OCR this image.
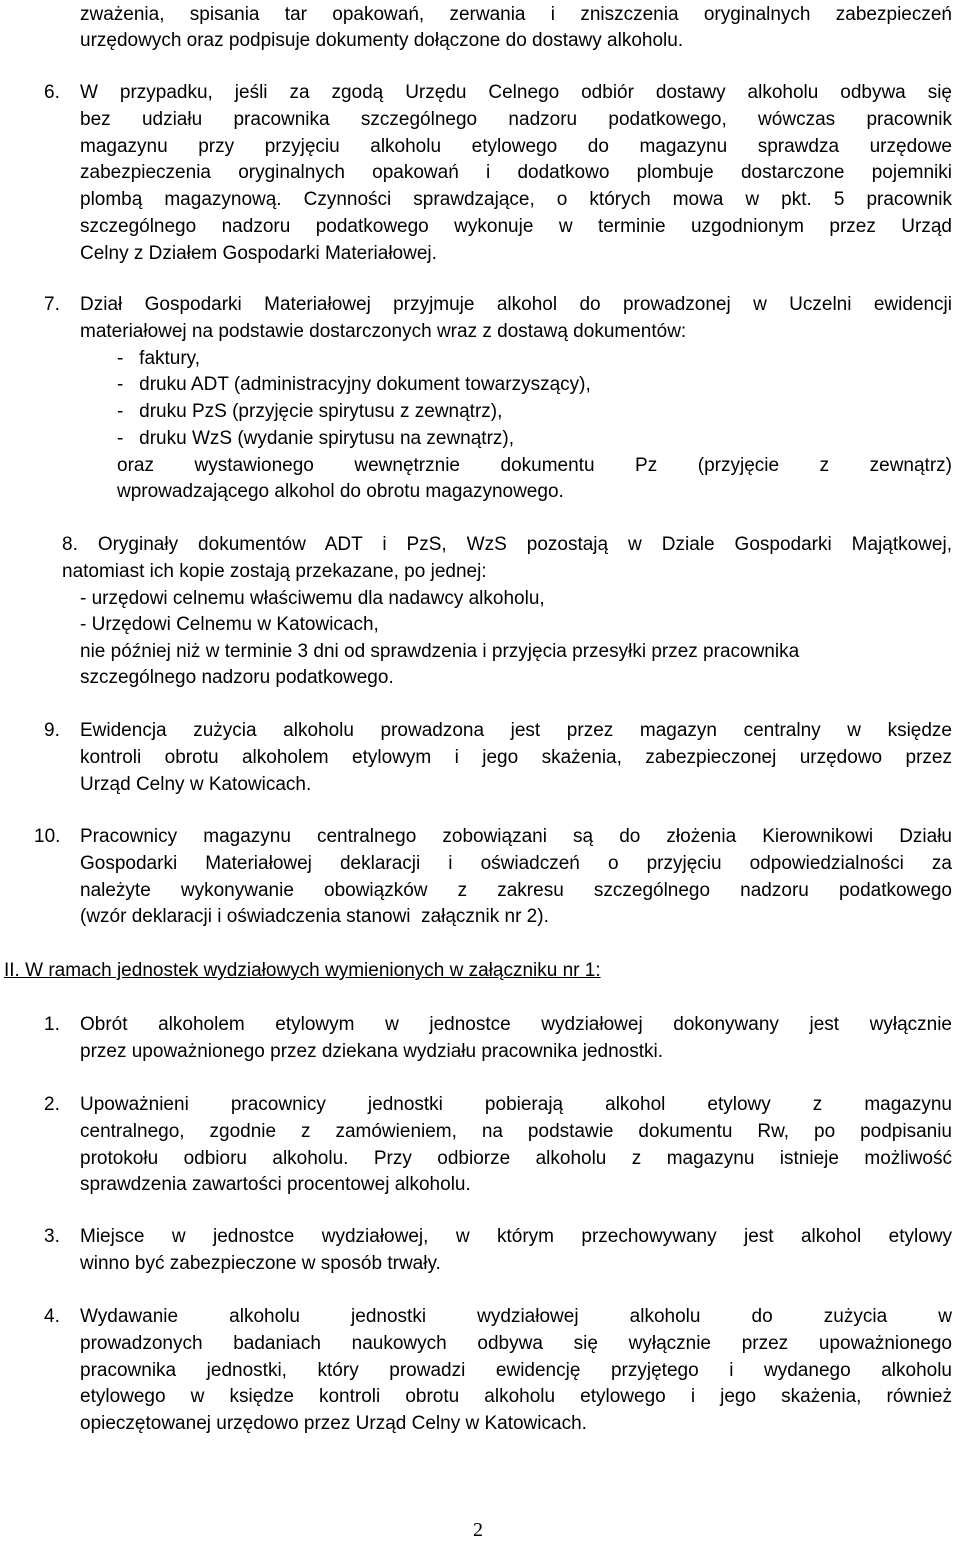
zważenia, spisania tar opakowań, zerwania i zniszczenia oryginalnych zabezpieczeń
urzędowych oraz podpisuje dokumenty dołączone do dostawy alkoholu.
6. W przypadku, jeśli za zgodą Urzędu Celnego odbiór dostawy alkoholu odbywa się
bez udziału pracownika szczególnego nadzoru podatkowego, wówczas pracownik
magazynu przy przyjęciu alkoholu etylowego do magazynu sprawdza urzędowe
zabezpieczenia oryginalnych opakowań i dodatkowo plombuje dostarczone pojemniki
plombą magazynową. Czynności sprawdzające, o których mowa w pkt. 5 pracownik
szczególnego nadzoru podatkowego wykonuje w terminie uzgodnionym przez Urząd
Celny z Działem Gospodarki Materiałowej.
7. Dział Gospodarki Materiałowej przyjmuje alkohol do prowadzonej w Uczelni ewidencji
materiałowej na podstawie dostarczonych wraz z dostawą dokumentów:
-   faktury,
-   druku ADT (administracyjny dokument towarzyszący),
-   druku PzS (przyjęcie spirytusu z zewnątrz),
-   druku WzS (wydanie spirytusu na zewnątrz),
oraz wystawionego wewnętrznie dokumentu Pz (przyjęcie z zewnątrz)
wprowadzającego alkohol do obrotu magazynowego.
8. Oryginały dokumentów ADT i PzS, WzS pozostają w Dziale Gospodarki Majątkowej,
natomiast ich kopie zostają przekazane, po jednej:
- urzędowi celnemu właściwemu dla nadawcy alkoholu,
- Urzędowi Celnemu w Katowicach,
nie później niż w terminie 3 dni od sprawdzenia i przyjęcia przesyłki przez pracownika
szczególnego nadzoru podatkowego.
9. Ewidencja zużycia alkoholu prowadzona jest przez magazyn centralny w księdze
kontroli obrotu alkoholem etylowym i jego skażenia, zabezpieczonej urzędowo przez
Urząd Celny w Katowicach.
10. Pracownicy magazynu centralnego zobowiązani są do złożenia Kierownikowi Działu
Gospodarki Materiałowej deklaracji i oświadczeń o przyjęciu odpowiedzialności za
należyte wykonywanie obowiązków z zakresu szczególnego nadzoru podatkowego
(wzór deklaracji i oświadczenia stanowi  załącznik nr 2).
II. W ramach jednostek wydziałowych wymienionych w załączniku nr 1:
1. Obrót alkoholem etylowym w jednostce wydziałowej dokonywany jest wyłącznie
przez upoważnionego przez dziekana wydziału pracownika jednostki.
2. Upoważnieni pracownicy jednostki pobierają alkohol etylowy z magazynu
centralnego, zgodnie z zamówieniem, na podstawie dokumentu Rw, po podpisaniu
protokołu odbioru alkoholu. Przy odbiorze alkoholu z magazynu istnieje możliwość
sprawdzenia zawartości procentowej alkoholu.
3. Miejsce w jednostce wydziałowej, w którym przechowywany jest alkohol etylowy
winno być zabezpieczone w sposób trwały.
4. Wydawanie alkoholu jednostki wydziałowej alkoholu do zużycia w
prowadzonych badaniach naukowych odbywa się wyłącznie przez upoważnionego
pracownika jednostki, który prowadzi ewidencję przyjętego i wydanego alkoholu
etylowego w księdze kontroli obrotu alkoholu etylowego i jego skażenia, również
opieczętowanej urzędowo przez Urząd Celny w Katowicach.
2
